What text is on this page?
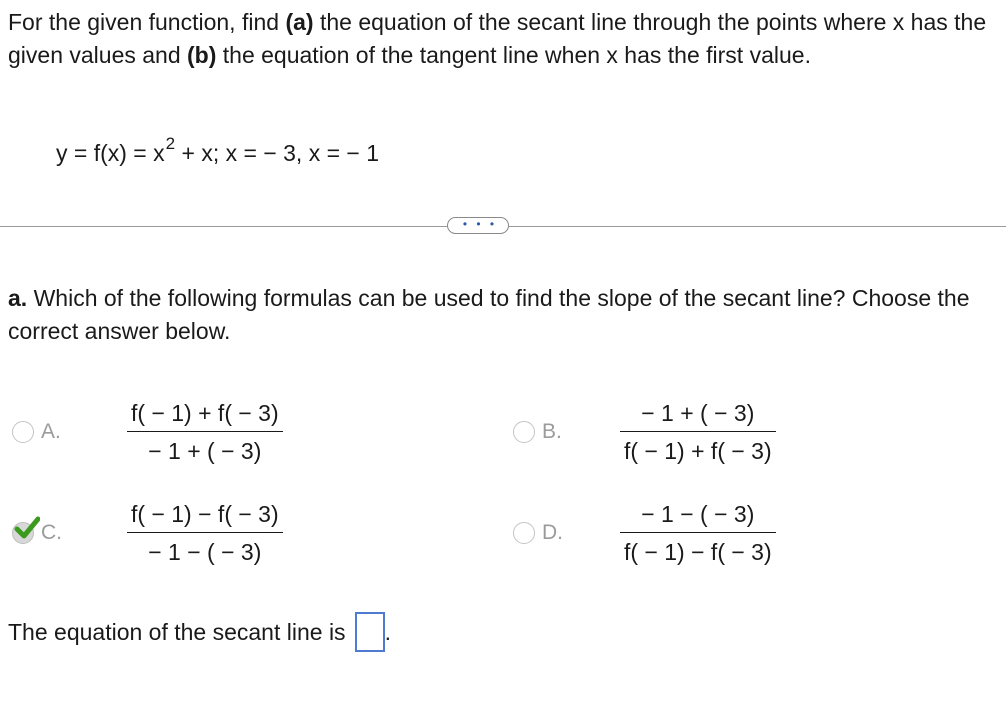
For the given function, find (a) the equation of the secant line through the points where x has the given values and (b) the equation of the tangent line when x has the first value.
$y = f(x) = x^2 + x$; x = − 3, x = − 1
• • •
a. Which of the following formulas can be used to find the slope of the secant line? Choose the correct answer below.
A.	$\frac{f( - 1) + f( - 3)}{- 1 + ( - 3)}$	B.	$\frac{- 1 + ( - 3)}{f( - 1) + f( - 3)}$
C.	$\frac{f( - 1) - f( - 3)}{- 1 - ( - 3)}$	D.	$\frac{- 1 - ( - 3)}{f( - 1) - f( - 3)}$
The equation of the secant line is .
